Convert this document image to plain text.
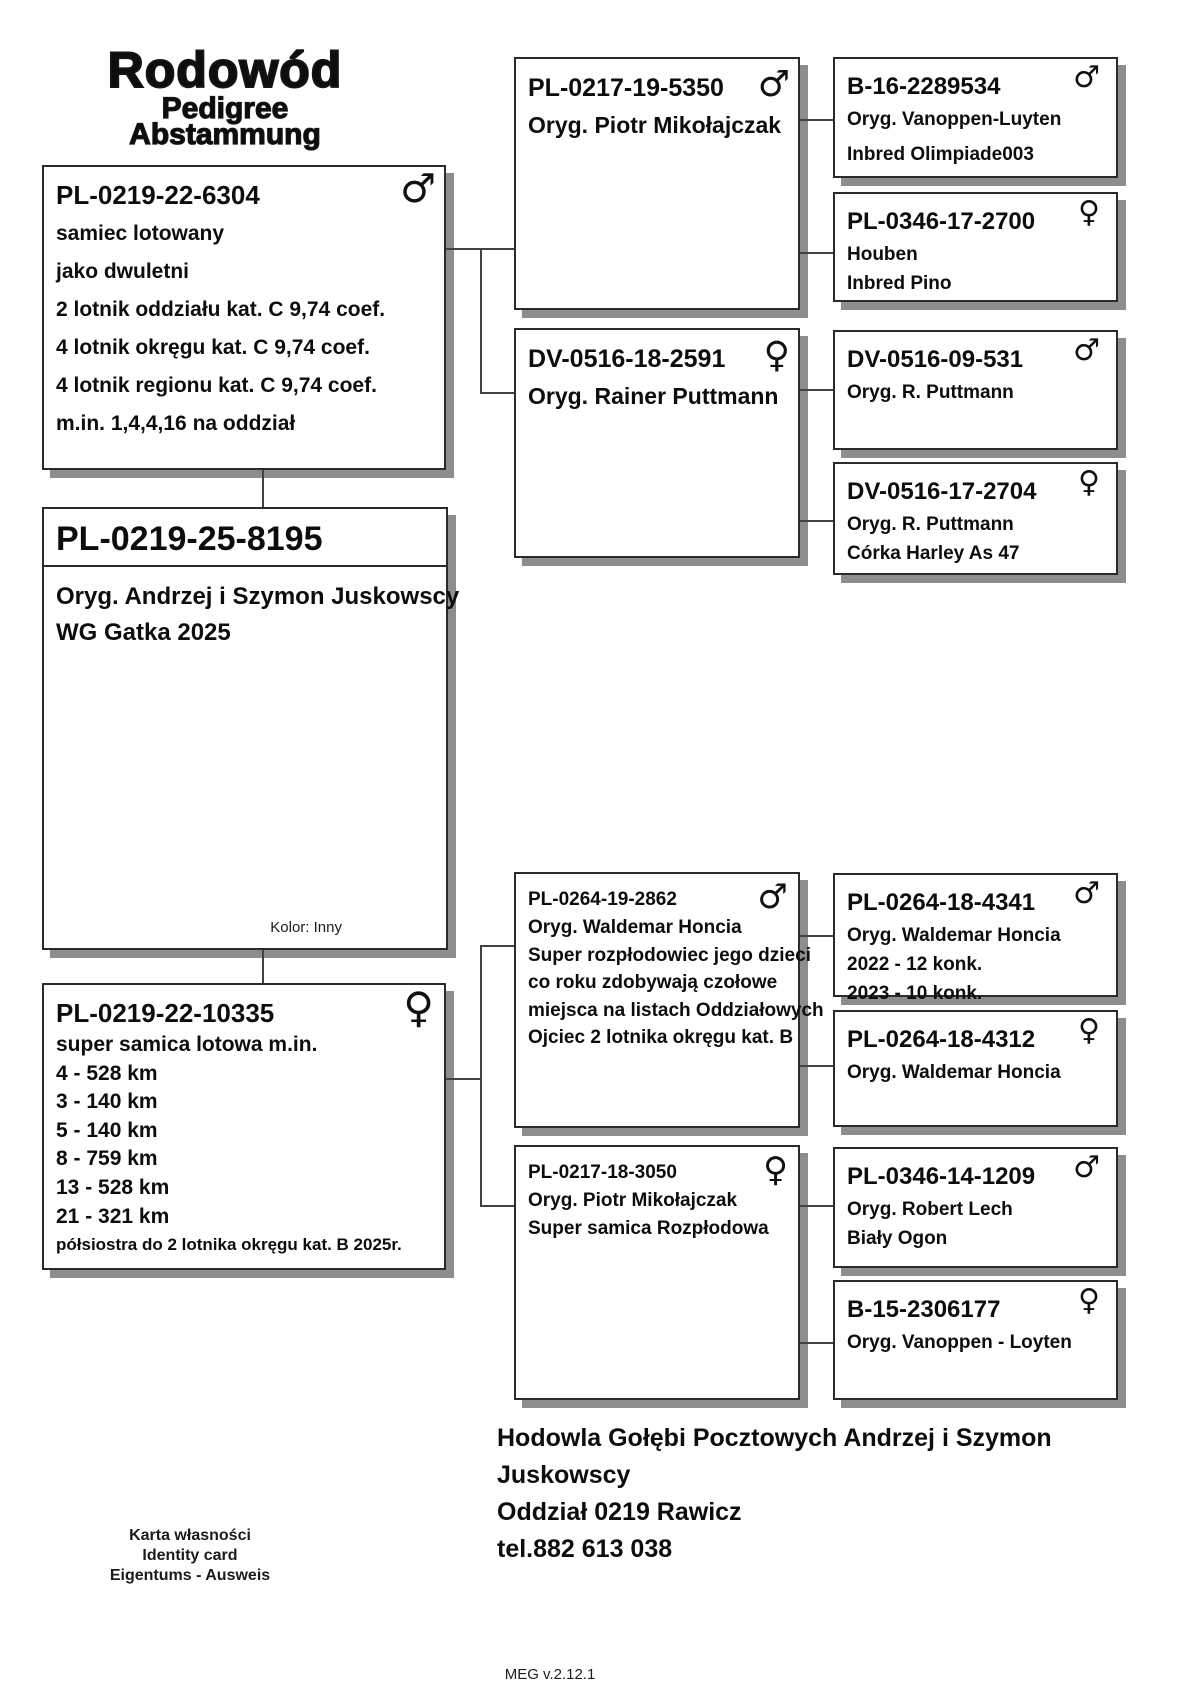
Rodowód
Pedigree
Abstammung
♂
PL-0219-22-6304
samiec lotowany
jako dwuletni
2 lotnik oddziału kat. C 9,74 coef.
4 lotnik okręgu kat. C 9,74 coef.
4 lotnik regionu kat. C 9,74 coef.
m.in. 1,4,4,16 na oddział
PL-0219-25-8195
Oryg. Andrzej i Szymon Juskowscy
WG Gatka 2025
Kolor: Inny
♀
PL-0219-22-10335
super samica lotowa m.in.
4 - 528 km
3 - 140 km
5 - 140 km
8 - 759 km
13 - 528 km
21 - 321 km
półsiostra do 2 lotnika okręgu kat. B 2025r.
♂
PL-0217-19-5350
Oryg. Piotr Mikołajczak
♀
DV-0516-18-2591
Oryg. Rainer Puttmann
♂
PL-0264-19-2862
Oryg. Waldemar Honcia
Super rozpłodowiec jego dzieci
co roku zdobywają czołowe
miejsca na listach Oddziałowych
Ojciec 2 lotnika okręgu kat. B
♀
PL-0217-18-3050
Oryg. Piotr Mikołajczak
Super samica Rozpłodowa
♂
B-16-2289534
Oryg. Vanoppen-Luyten
Inbred Olimpiade003
♀
PL-0346-17-2700
Houben
Inbred Pino
♂
DV-0516-09-531
Oryg. R. Puttmann
♀
DV-0516-17-2704
Oryg. R. Puttmann
Córka Harley As 47
♂
PL-0264-18-4341
Oryg. Waldemar Honcia
2022 - 12 konk.
2023 - 10 konk.
♀
PL-0264-18-4312
Oryg. Waldemar Honcia
♂
PL-0346-14-1209
Oryg. Robert Lech
Biały Ogon
♀
B-15-2306177
Oryg. Vanoppen - Loyten
Hodowla Gołębi Pocztowych Andrzej i Szymon
Juskowscy
Oddział 0219 Rawicz
tel.882 613 038
Karta własności
Identity card
Eigentums - Ausweis
MEG v.2.12.1
